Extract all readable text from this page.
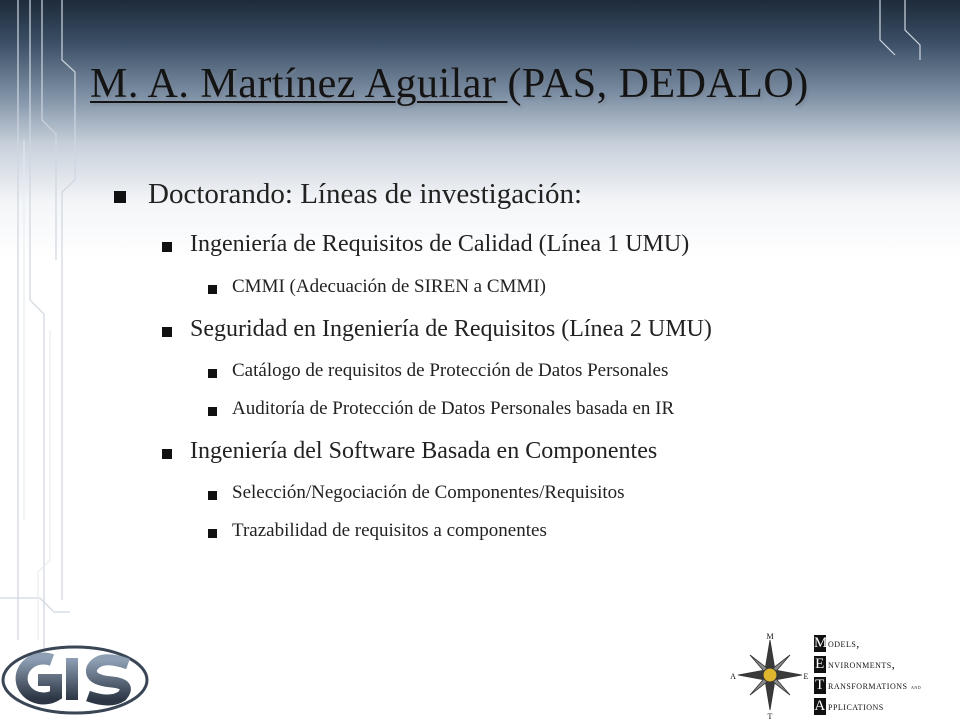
M. A. Martínez Aguilar (PAS, DEDALO)
Doctorando: Líneas de investigación:
Ingeniería de Requisitos de Calidad (Línea 1 UMU)
CMMI (Adecuación de SIREN a CMMI)
Seguridad en Ingeniería de Requisitos (Línea 2 UMU)
Catálogo de requisitos de Protección de Datos Personales
Auditoría de Protección de Datos Personales basada en IR
Ingeniería del Software Basada en Componentes
Selección/Negociación de Componentes/Requisitos
Trazabilidad de requisitos a componentes
M
T
A	E
Models,
E nvironments,
T ransformations and
A pplications
